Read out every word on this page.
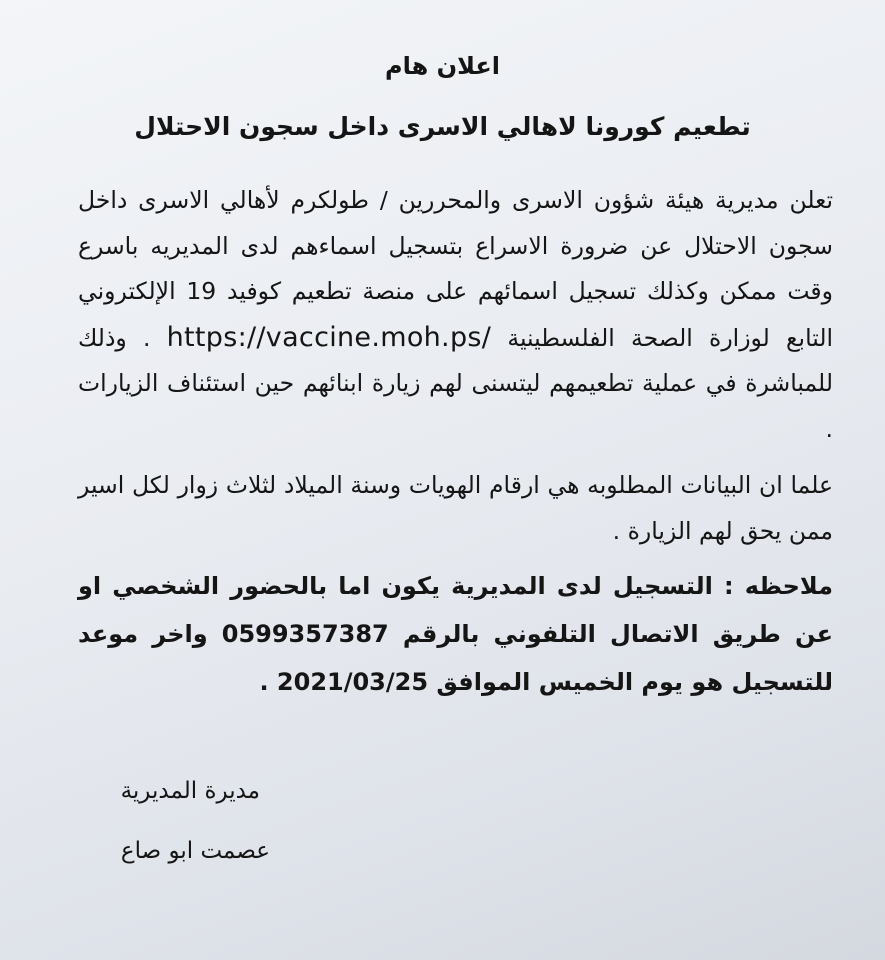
اعلان هام
تطعيم كورونا لاهالي الاسرى داخل سجون الاحتلال

تعلن مديرية هيئة شؤون الاسرى والمحررين / طولكرم لأهالي الاسرى داخل سجون الاحتلال عن ضرورة الاسراع بتسجيل اسماءهم لدى المديريه باسرع وقت ممكن وكذلك تسجيل اسمائهم على منصة تطعيم كوفيد 19 الإلكتروني التابع لوزارة الصحة الفلسطينية https://vaccine.moh.ps/ . وذلك للمباشرة في عملية تطعيمهم ليتسنى لهم زيارة ابنائهم حين استئناف الزيارات .

علما ان البيانات المطلوبه هي ارقام الهويات وسنة الميلاد لثلاث زوار لكل اسير ممن يحق لهم الزيارة .

ملاحظه : التسجيل لدى المديرية يكون اما بالحضور الشخصي او عن طريق الاتصال التلفوني بالرقم 0599357387 واخر موعد للتسجيل هو يوم الخميس الموافق 2021/03/25 .

مديرة المديرية

عصمت ابو صاع
